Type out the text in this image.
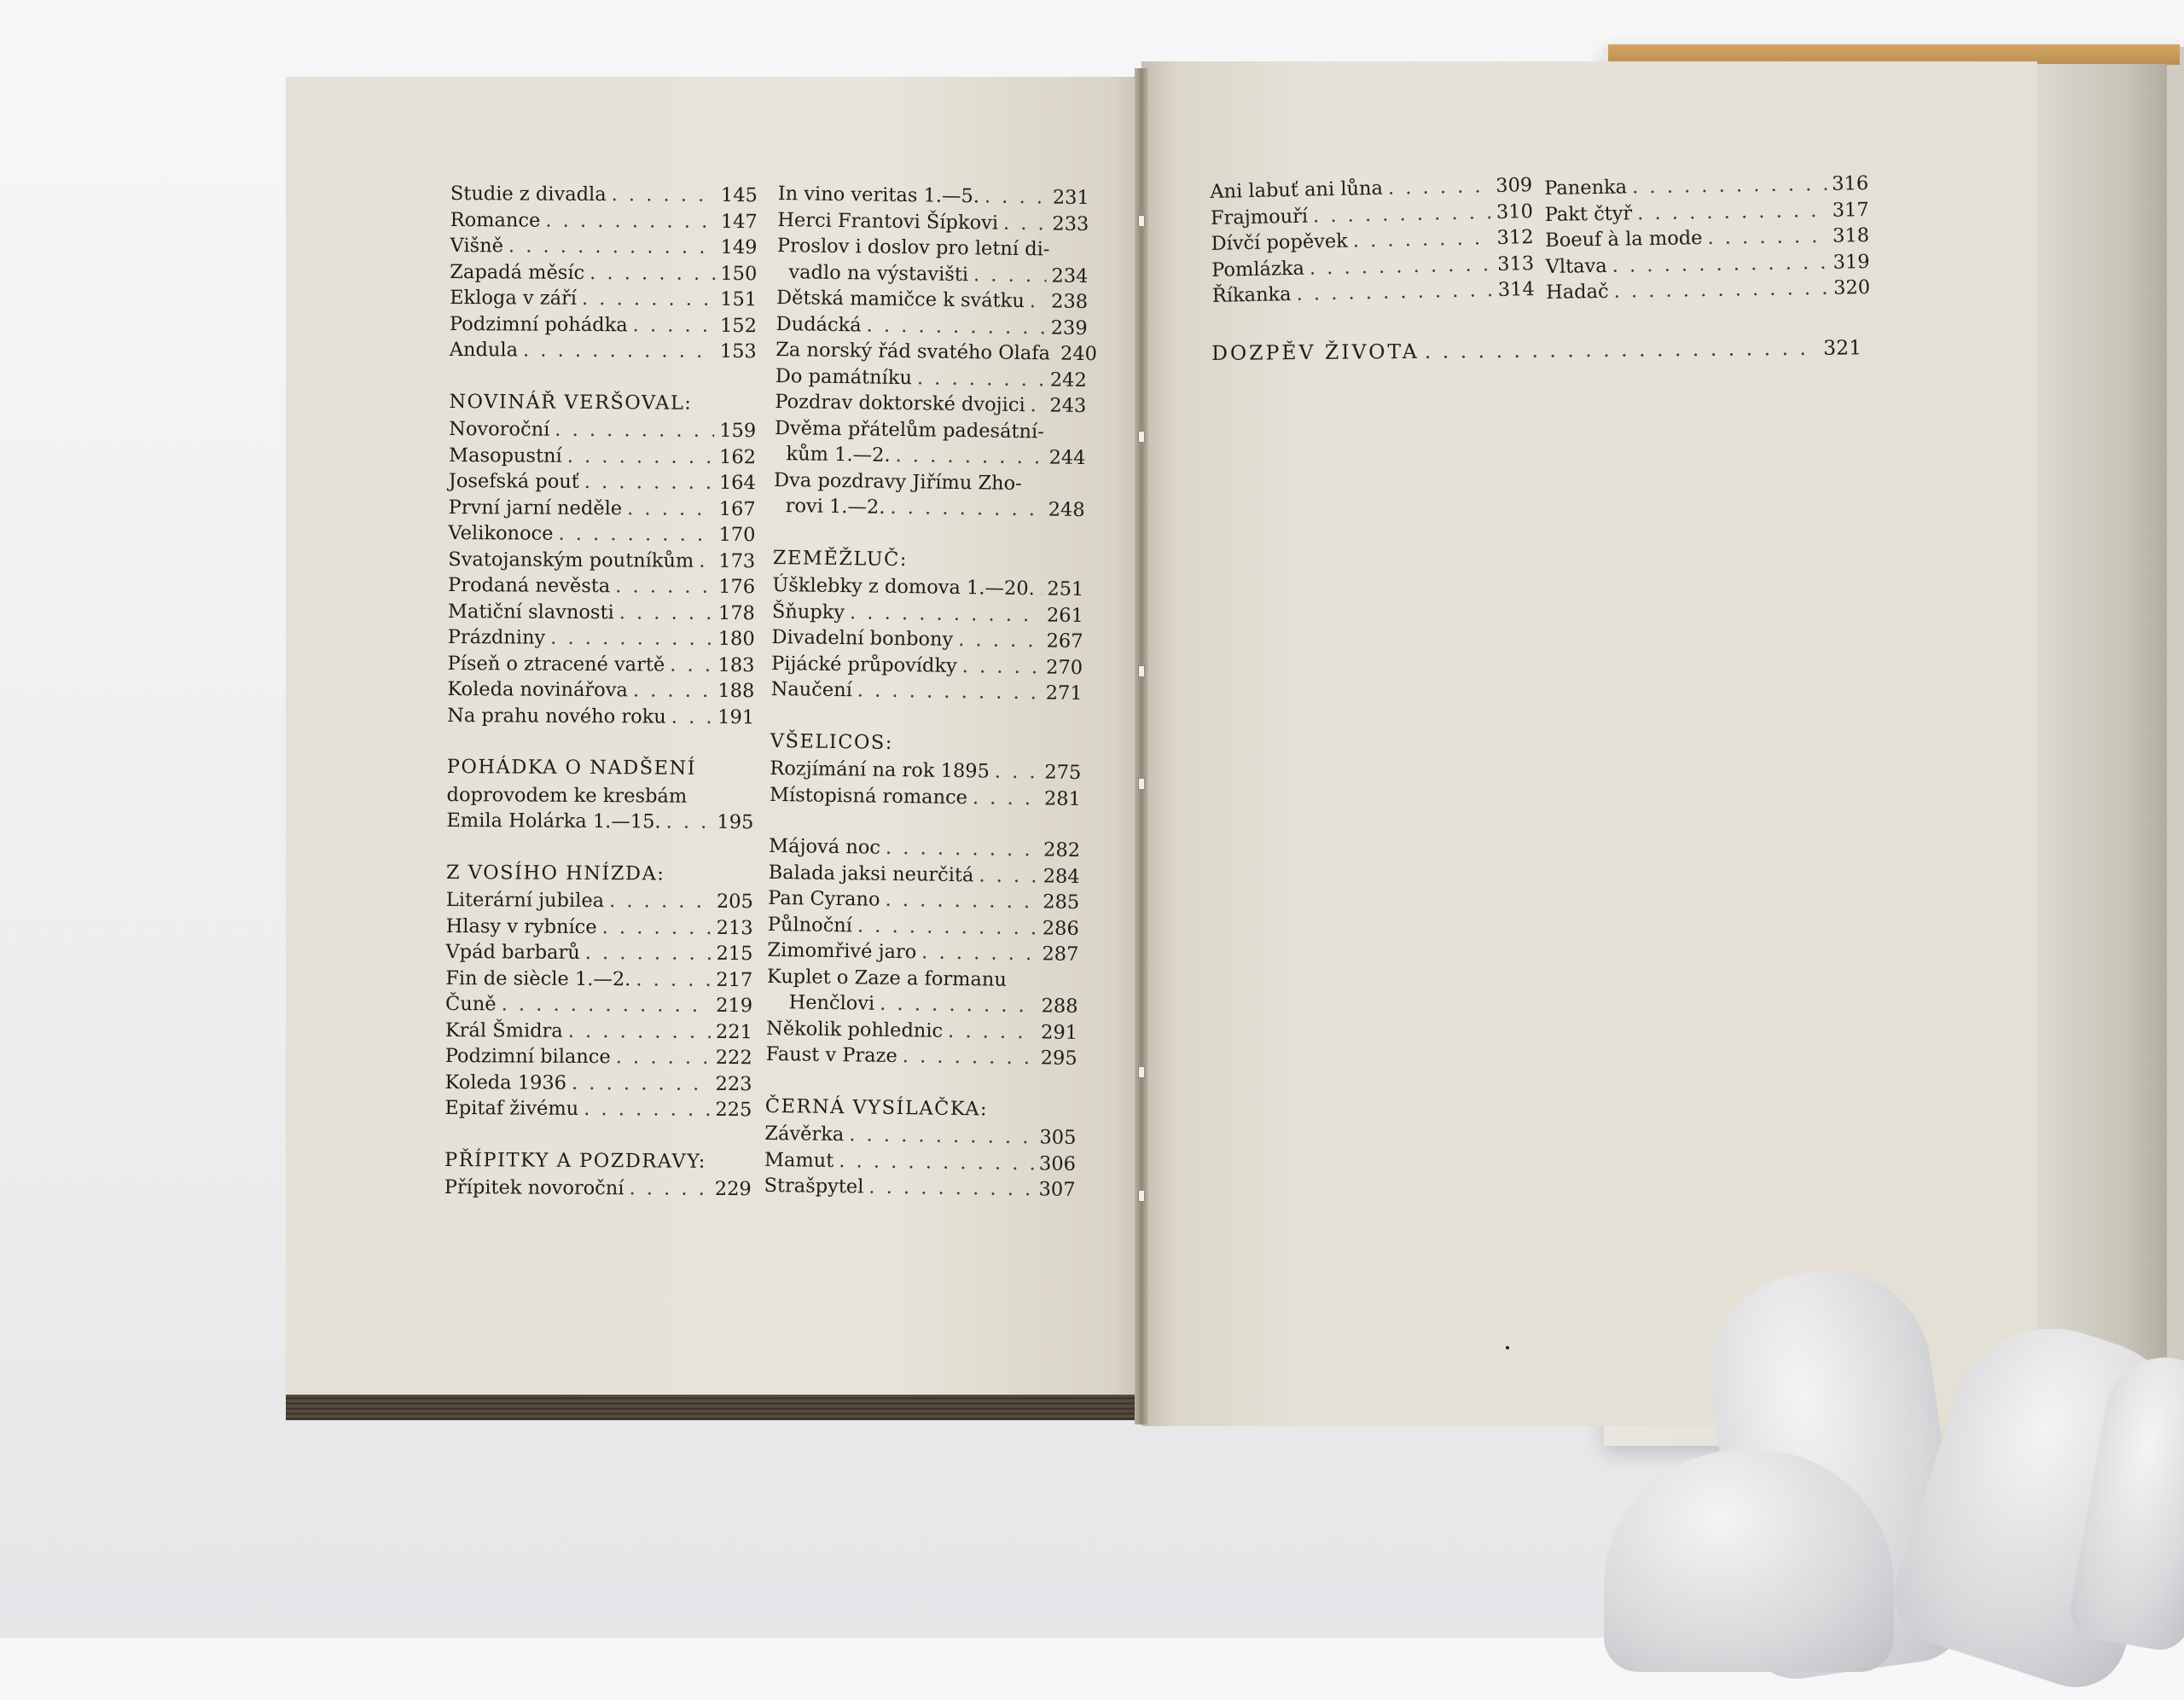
Studie z divadla . . .	145
Romance . . .	147
Višně . . .	149
Zapadá měsíc . . .	150
Ekloga v září . . .	151
Podzimní pohádka . . .	152
Andula . . .	153
NOVINÁŘ VERŠOVAL:
Novoroční . . .	159
Masopustní . . .	162
Josefská pouť . . .	164
První jarní neděle . . .	167
Velikonoce . . .	170
Svatojanským poutníkům . . . 173
Prodaná nevěsta . . .	176
Matiční slavnosti . . .	178
Prázdniny . . .	180
Píseň o ztracené vartě . . .	183
Koleda novinářova . . .	188
Na prahu nového roku . . .	191
POHÁDKA O NADŠENÍ
doprovodem ke kresbám
Emila Holárka 1.—15. . . .	195
Z VOSÍHO HNÍZDA:
Literární jubilea . . .	205
Hlasy v rybníce . . .	213
Vpád barbarů . . .	215
Fin de siècle 1.—2. . . .	217
Čuně . . .	219
Král Šmidra . . .	221
Podzimní bilance . . .	222
Koleda 1936 . . .	223
Epitaf živému . . .	225
PŘÍPITKY A POZDRAVY:
Přípitek novoroční . . .	229
In vino veritas 1.—5. . . .	231
Herci Frantovi Šípkovi . . .	233
Proslov i doslov pro letní di-
vadlo na výstavišti . . .	234
Dětská mamičce k svátku . . . 238
Dudácká . . .	239
Za norský řád svatého Olafa . . . 240
Do památníku . . .	242
Pozdrav doktorské dvojici . . . 243
Dvěma přátelům padesátní-
kům 1.—2. . . .	244
Dva pozdravy Jiřímu Zho-
rovi 1.—2. . . .	248
ZEMĚŽLUČ:
Úšklebky z domova 1.—20. . . . 251
Šňupky . . .	261
Divadelní bonbony . . .	267
Pijácké průpovídky . . .	270
Naučení . . .	271
VŠELICOS:
Rozjímání na rok 1895 . . .	275
Místopisná romance . . .	281
Májová noc . . .	282
Balada jaksi neurčitá . . .	284
Pan Cyrano . . .	285
Půlnoční . . .	286
Zimomřivé jaro . . .	287
Kuplet o Zaze a formanu
Henčlovi . . .	288
Několik pohlednic . . .	291
Faust v Praze . . .	295
ČERNÁ VYSÍLAČKA:
Závěrka . . .	305
Mamut . . .	306
Strašpytel . . .	307
Ani labuť ani lůna . . .	309
Frajmouří . . .	310
Dívčí popěvek . . .	312
Pomlázka . . .	313
Říkanka . . .	314
Panenka . . .	316
Pakt čtyř . . .	317
Boeuf à la mode . . .	318
Vltava . . .	319
Hadač . . .	320
DOZPĚV ŽIVOTA . . .	321
